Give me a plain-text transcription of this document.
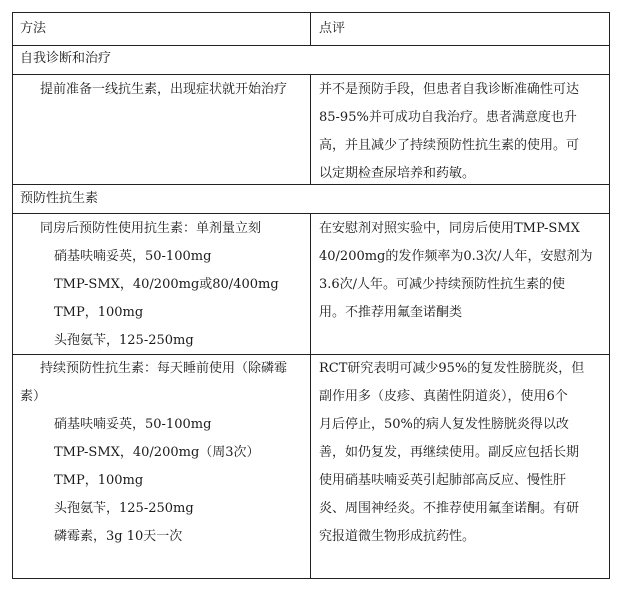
方法	点评
自我诊断和治疗
提前准备一线抗生素，出现症状就开始治疗 并不是预防手段，但患者自我诊断准确性可达
85-95%并可成功自我治疗。患者满意度也升
高，并且减少了持续预防性抗生素的使用。可
以定期检查尿培养和药敏。
预防性抗生素
同房后预防性使用抗生素：单剂量立刻
硝基呋喃妥英，50-100mg
TMP-SMX，40/200mg或80/400mg
TMP，100mg
头孢氨苄，125-250mg
在安慰剂对照实验中，同房后使用TMP-SMX
40/200mg的发作频率为0.3次/人年，安慰剂为
3.6次/人年。可减少持续预防性抗生素的使
用。不推荐用氟奎诺酮类
持续预防性抗生素：每天睡前使用（除磷霉
素）
硝基呋喃妥英，50-100mg
TMP-SMX，40/200mg（周3次）
TMP，100mg
头孢氨苄，125-250mg
磷霉素，3g 10天一次
RCT研究表明可减少95%的复发性膀胱炎，但
副作用多（皮疹、真菌性阴道炎），使用6个
月后停止，50%的病人复发性膀胱炎得以改
善，如仍复发，再继续使用。副反应包括长期
使用硝基呋喃妥英引起肺部高反应、慢性肝
炎、周围神经炎。不推荐使用氟奎诺酮。有研
究报道微生物形成抗药性。
